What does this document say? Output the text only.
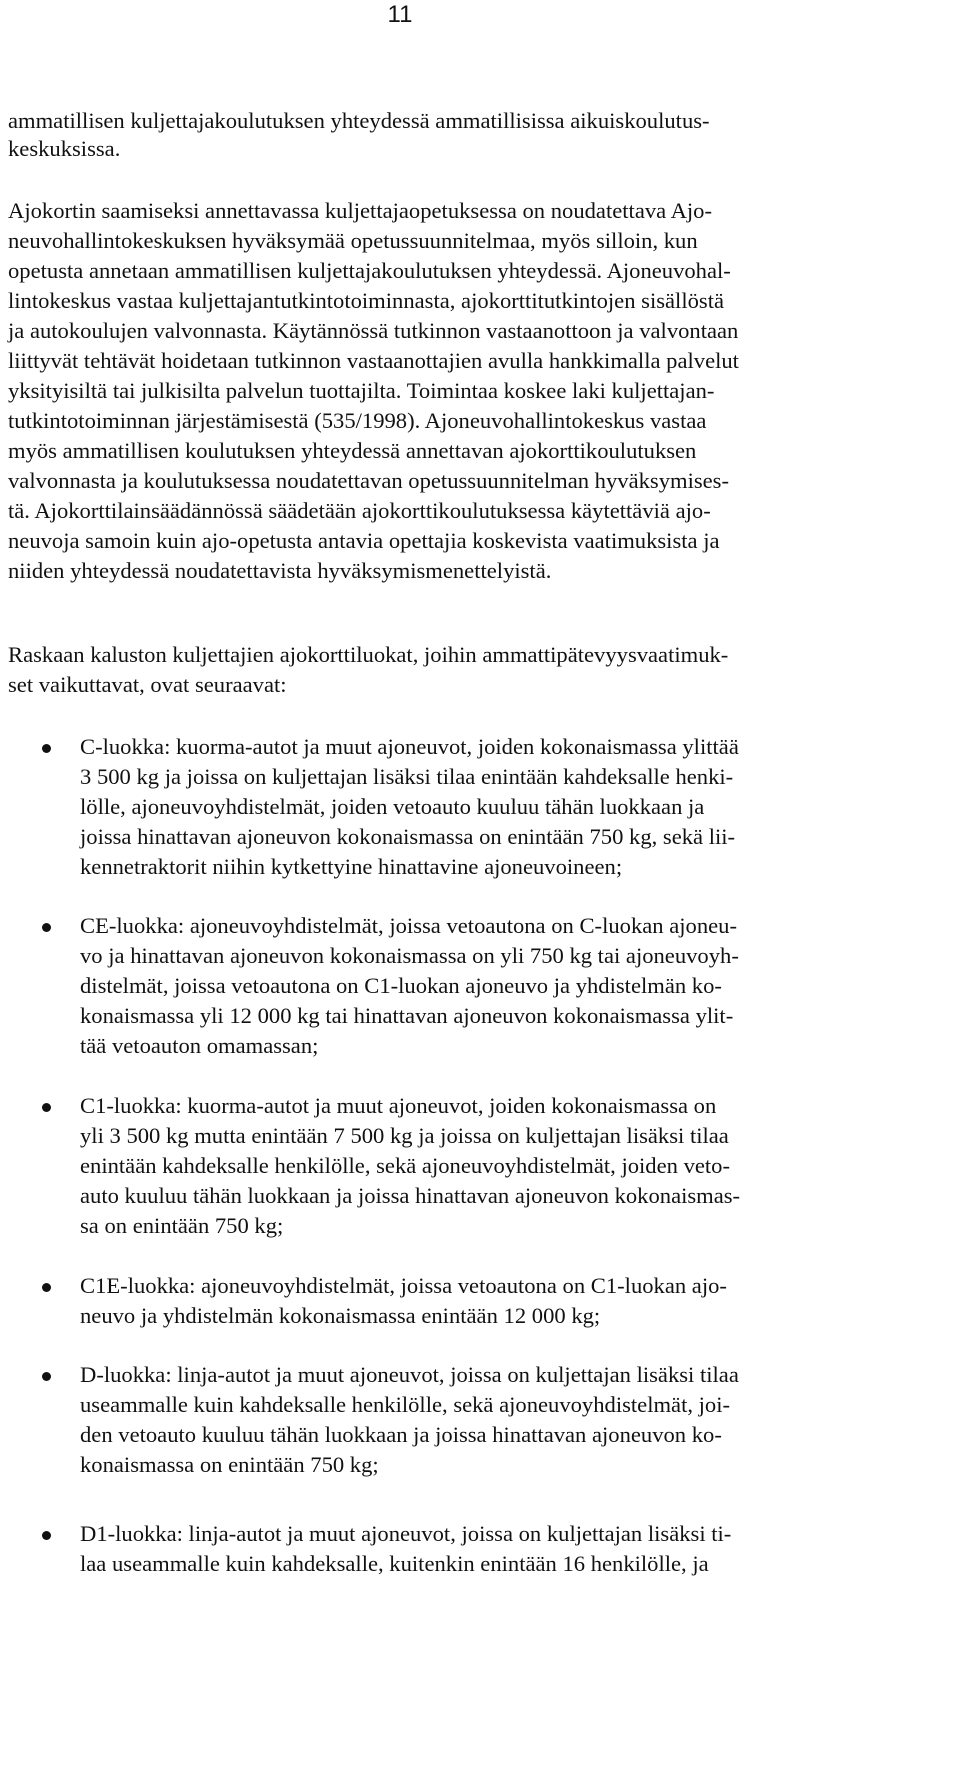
11

ammatillisen kuljettajakoulutuksen yhteydessä ammatillisissa aikuiskoulutus-

keskuksissa.

Ajokortin saamiseksi annettavassa kuljettajaopetuksessa on noudatettava Ajo-

neuvohallintokeskuksen hyväksymää opetussuunnitelmaa, myös silloin, kun

opetusta annetaan ammatillisen kuljettajakoulutuksen yhteydessä. Ajoneuvohal-

lintokeskus vastaa kuljettajantutkintotoiminnasta, ajokorttitutkintojen sisällöstä

ja autokoulujen valvonnasta. Käytännössä tutkinnon vastaanottoon ja valvontaan

liittyvät tehtävät hoidetaan tutkinnon vastaanottajien avulla hankkimalla palvelut

yksityisiltä tai julkisilta palvelun tuottajilta. Toimintaa koskee laki kuljettajan-

tutkintotoiminnan järjestämisestä (535/1998). Ajoneuvohallintokeskus vastaa

myös ammatillisen koulutuksen yhteydessä annettavan ajokorttikoulutuksen

valvonnasta ja koulutuksessa noudatettavan opetussuunnitelman hyväksymises-

tä. Ajokorttilainsäädännössä säädetään ajokorttikoulutuksessa käytettäviä ajo-

neuvoja samoin kuin ajo-opetusta antavia opettajia koskevista vaatimuksista ja

niiden yhteydessä noudatettavista hyväksymismenettelyistä.

Raskaan kaluston kuljettajien ajokorttiluokat, joihin ammattipätevyysvaatimuk-

set vaikuttavat, ovat seuraavat:

C-luokka: kuorma-autot ja muut ajoneuvot, joiden kokonaismassa ylittää

3 500 kg ja joissa on kuljettajan lisäksi tilaa enintään kahdeksalle henki-

lölle, ajoneuvoyhdistelmät, joiden vetoauto kuuluu tähän luokkaan ja

joissa hinattavan ajoneuvon kokonaismassa on enintään 750 kg, sekä lii-

kennetraktorit niihin kytkettyine hinattavine ajoneuvoineen;

CE-luokka: ajoneuvoyhdistelmät, joissa vetoautona on C-luokan ajoneu-

vo ja hinattavan ajoneuvon kokonaismassa on yli 750 kg tai ajoneuvoyh-

distelmät, joissa vetoautona on C1-luokan ajoneuvo ja yhdistelmän ko-

konaismassa yli 12 000 kg tai hinattavan ajoneuvon kokonaismassa ylit-

tää vetoauton omamassan;

C1-luokka: kuorma-autot ja muut ajoneuvot, joiden kokonaismassa on

yli 3 500 kg mutta enintään 7 500 kg ja joissa on kuljettajan lisäksi tilaa

enintään kahdeksalle henkilölle, sekä ajoneuvoyhdistelmät, joiden veto-

auto kuuluu tähän luokkaan ja joissa hinattavan ajoneuvon kokonaismas-

sa on enintään 750 kg;

C1E-luokka: ajoneuvoyhdistelmät, joissa vetoautona on C1-luokan ajo-

neuvo ja yhdistelmän kokonaismassa enintään 12 000 kg;

D-luokka: linja-autot ja muut ajoneuvot, joissa on kuljettajan lisäksi tilaa

useammalle kuin kahdeksalle henkilölle, sekä ajoneuvoyhdistelmät, joi-

den vetoauto kuuluu tähän luokkaan ja joissa hinattavan ajoneuvon ko-

konaismassa on enintään 750 kg;

D1-luokka: linja-autot ja muut ajoneuvot, joissa on kuljettajan lisäksi ti-

laa useammalle kuin kahdeksalle, kuitenkin enintään 16 henkilölle, ja
